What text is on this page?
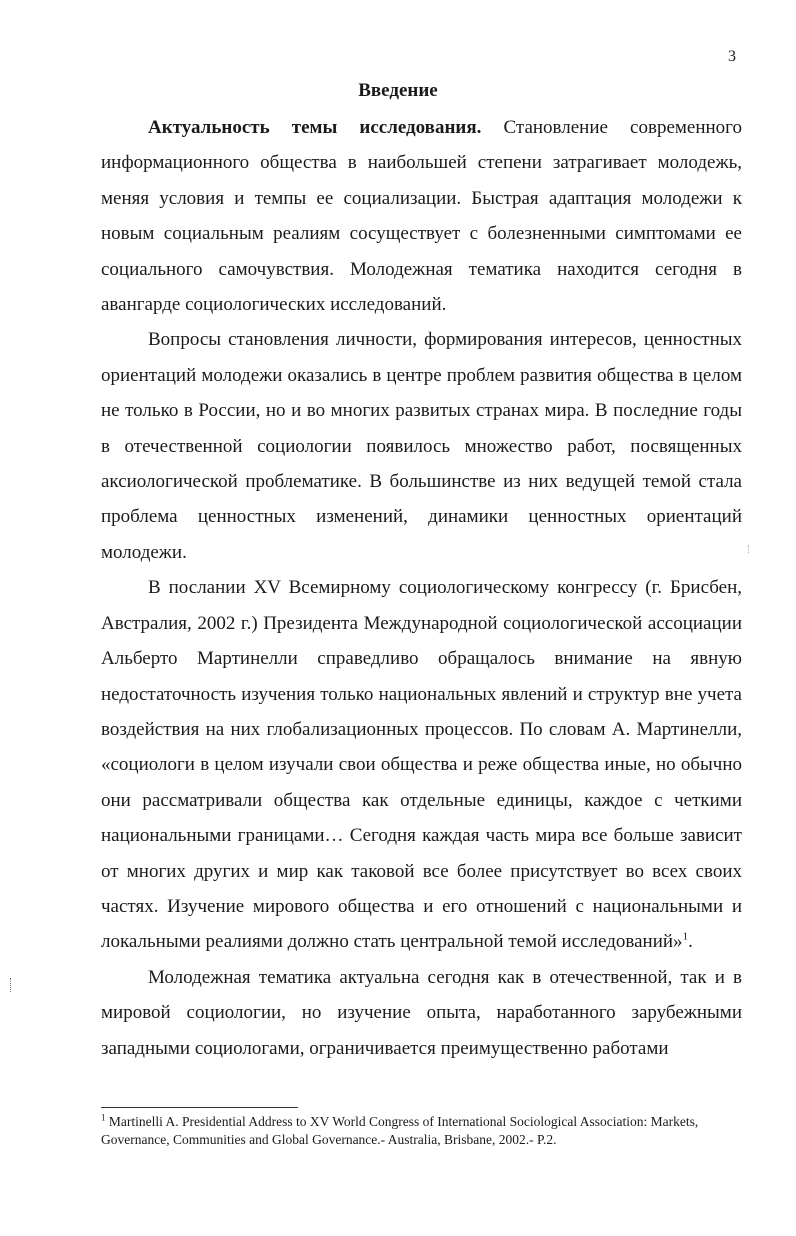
3
Введение

Актуальность темы исследования. Становление современного информационного общества в наибольшей степени затрагивает молодежь, меняя условия и темпы ее социализации. Быстрая адаптация молодежи к новым социальным реалиям сосуществует с болезненными симптомами ее социального самочувствия. Молодежная тематика находится сегодня в авангарде социологических исследований.

Вопросы становления личности, формирования интересов, ценностных ориентаций молодежи оказались в центре проблем развития общества в целом не только в России, но и во многих развитых странах мира. В последние годы в отечественной социологии появилось множество работ, посвященных аксиологической проблематике. В большинстве из них ведущей темой стала проблема ценностных изменений, динамики ценностных ориентаций молодежи.

В послании XV Всемирному социологическому конгрессу (г. Брисбен, Австралия, 2002 г.) Президента Международной социологической ассоциации Альберто Мартинелли справедливо обращалось внимание на явную недостаточность изучения только национальных явлений и структур вне учета воздействия на них глобализационных процессов. По словам А. Мартинелли, «социологи в целом изучали свои общества и реже общества иные, но обычно они рассматривали общества как отдельные единицы, каждое с четкими национальными границами… Сегодня каждая часть мира все больше зависит от многих других и мир как таковой все более присутствует во всех своих частях. Изучение мирового общества и его отношений с национальными и локальными реалиями должно стать центральной темой исследований»$^1$.

Молодежная тематика актуальна сегодня как в отечественной, так и в мировой социологии, но изучение опыта, наработанного зарубежными западными социологами, ограничивается преимущественно работами

$^1$ Martinelli A. Presidential Address to XV World Congress of International Sociological Association: Markets, Governance, Communities and Global Governance.- Australia, Brisbane, 2002.- P.2.
